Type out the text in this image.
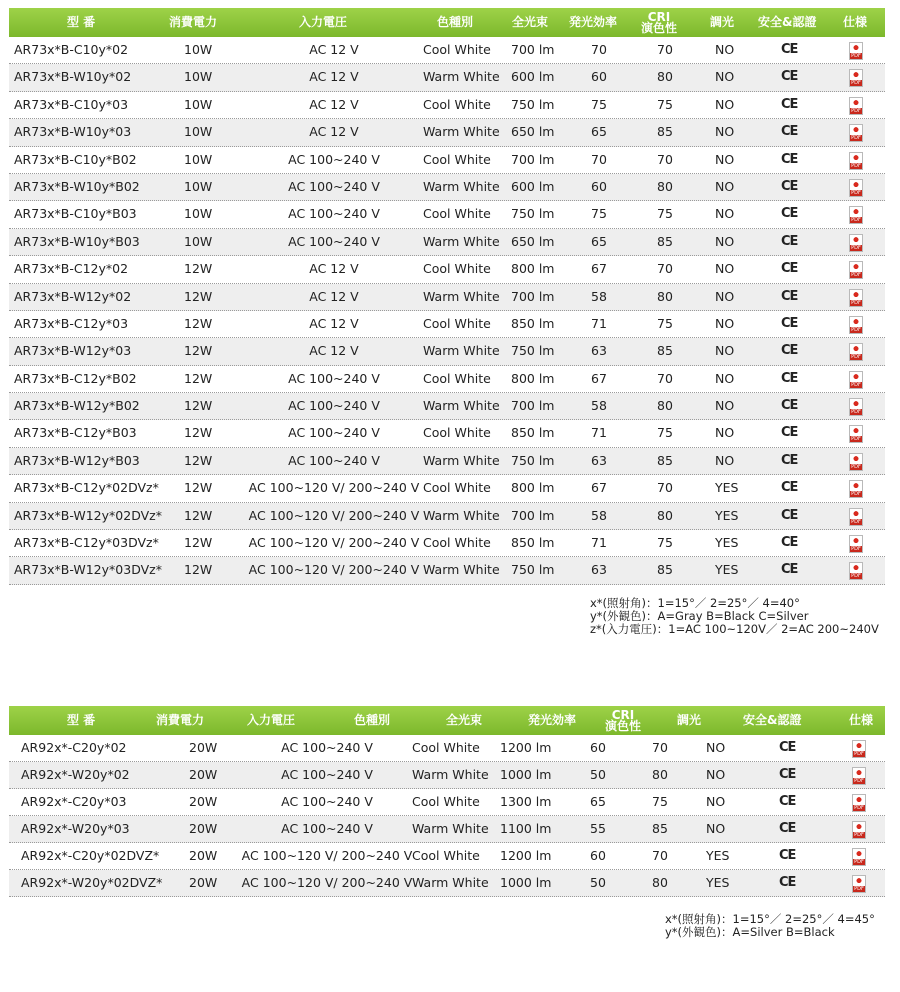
型 番	消費電力	入力電圧	色種別	全光束 発光効率	CRI
演色性	調光 安全&認證 仕様
AR73x*B-C10y*02	10W	AC 12 V	Cool White 700 lm	70	70	NO	CE
PDF
AR73x*B-W10y*02	10W	AC 12 V	Warm White 600 lm	60	80	NO	CE
PDF
AR73x*B-C10y*03	10W	AC 12 V	Cool White 750 lm	75	75	NO	CE
PDF
AR73x*B-W10y*03	10W	AC 12 V	Warm White 650 lm	65	85	NO	CE
PDF
AR73x*B-C10y*B02	10W	AC 100~240 V	Cool White 700 lm	70	70	NO	CE
PDF
AR73x*B-W10y*B02	10W	AC 100~240 V	Warm White 600 lm	60	80	NO	CE
PDF
AR73x*B-C10y*B03	10W	AC 100~240 V	Cool White 750 lm	75	75	NO	CE
PDF
AR73x*B-W10y*B03	10W	AC 100~240 V	Warm White 650 lm	65	85	NO	CE
PDF
AR73x*B-C12y*02	12W	AC 12 V	Cool White 800 lm	67	70	NO	CE
PDF
AR73x*B-W12y*02	12W	AC 12 V	Warm White 700 lm	58	80	NO	CE
PDF
AR73x*B-C12y*03	12W	AC 12 V	Cool White 850 lm	71	75	NO	CE
PDF
AR73x*B-W12y*03	12W	AC 12 V	Warm White 750 lm	63	85	NO	CE
PDF
AR73x*B-C12y*B02	12W	AC 100~240 V	Cool White 800 lm	67	70	NO	CE
PDF
AR73x*B-W12y*B02	12W	AC 100~240 V	Warm White 700 lm	58	80	NO	CE
PDF
AR73x*B-C12y*B03	12W	AC 100~240 V	Cool White 850 lm	71	75	NO	CE
PDF
AR73x*B-W12y*B03	12W	AC 100~240 V	Warm White 750 lm	63	85	NO	CE
PDF
AR73x*B-C12y*02DVz* 12W	AC 100~120 V/ 200~240 V Cool White 800 lm	67	70	YES	CE
PDF
AR73x*B-W12y*02DVz* 12W	AC 100~120 V/ 200~240 V Warm White 700 lm	58	80	YES	CE
PDF
AR73x*B-C12y*03DVz* 12W	AC 100~120 V/ 200~240 V Cool White 850 lm	71	75	YES	CE
PDF
AR73x*B-W12y*03DVz* 12W	AC 100~120 V/ 200~240 V Warm White 750 lm	63	85	YES	CE
PDF
x*(照射角)：1=15°／ 2=25°／ 4=40°
y*(外観色)：A=Gray B=Black C=Silver
z*(入力電圧)：1=AC 100~120V／ 2=AC 200~240V
型 番	消費電力	入力電圧	色種別	全光束	発光効率	CRI
演色性	調光	安全&認證	仕様
AR92x*-C20y*02	20W	AC 100~240 V	Cool White 1200 lm	60	70	NO	CE
PDF
AR92x*-W20y*02	20W	AC 100~240 V	Warm White 1000 lm	50	80	NO	CE
PDF
AR92x*-C20y*03	20W	AC 100~240 V	Cool White 1300 lm	65	75	NO	CE
PDF
AR92x*-W20y*03	20W	AC 100~240 V	Warm White 1100 lm	55	85	NO	CE
PDF
AR92x*-C20y*02DVZ* 20W	AC 100~120 V/ 200~240 V Cool White 1200 lm	60	70	YES	CE
PDF
AR92x*-W20y*02DVZ* 20W	AC 100~120 V/ 200~240 V Warm White 1000 lm	50	80	YES	CE
PDF
x*(照射角)：1=15°／ 2=25°／ 4=45°
y*(外観色)：A=Silver B=Black
